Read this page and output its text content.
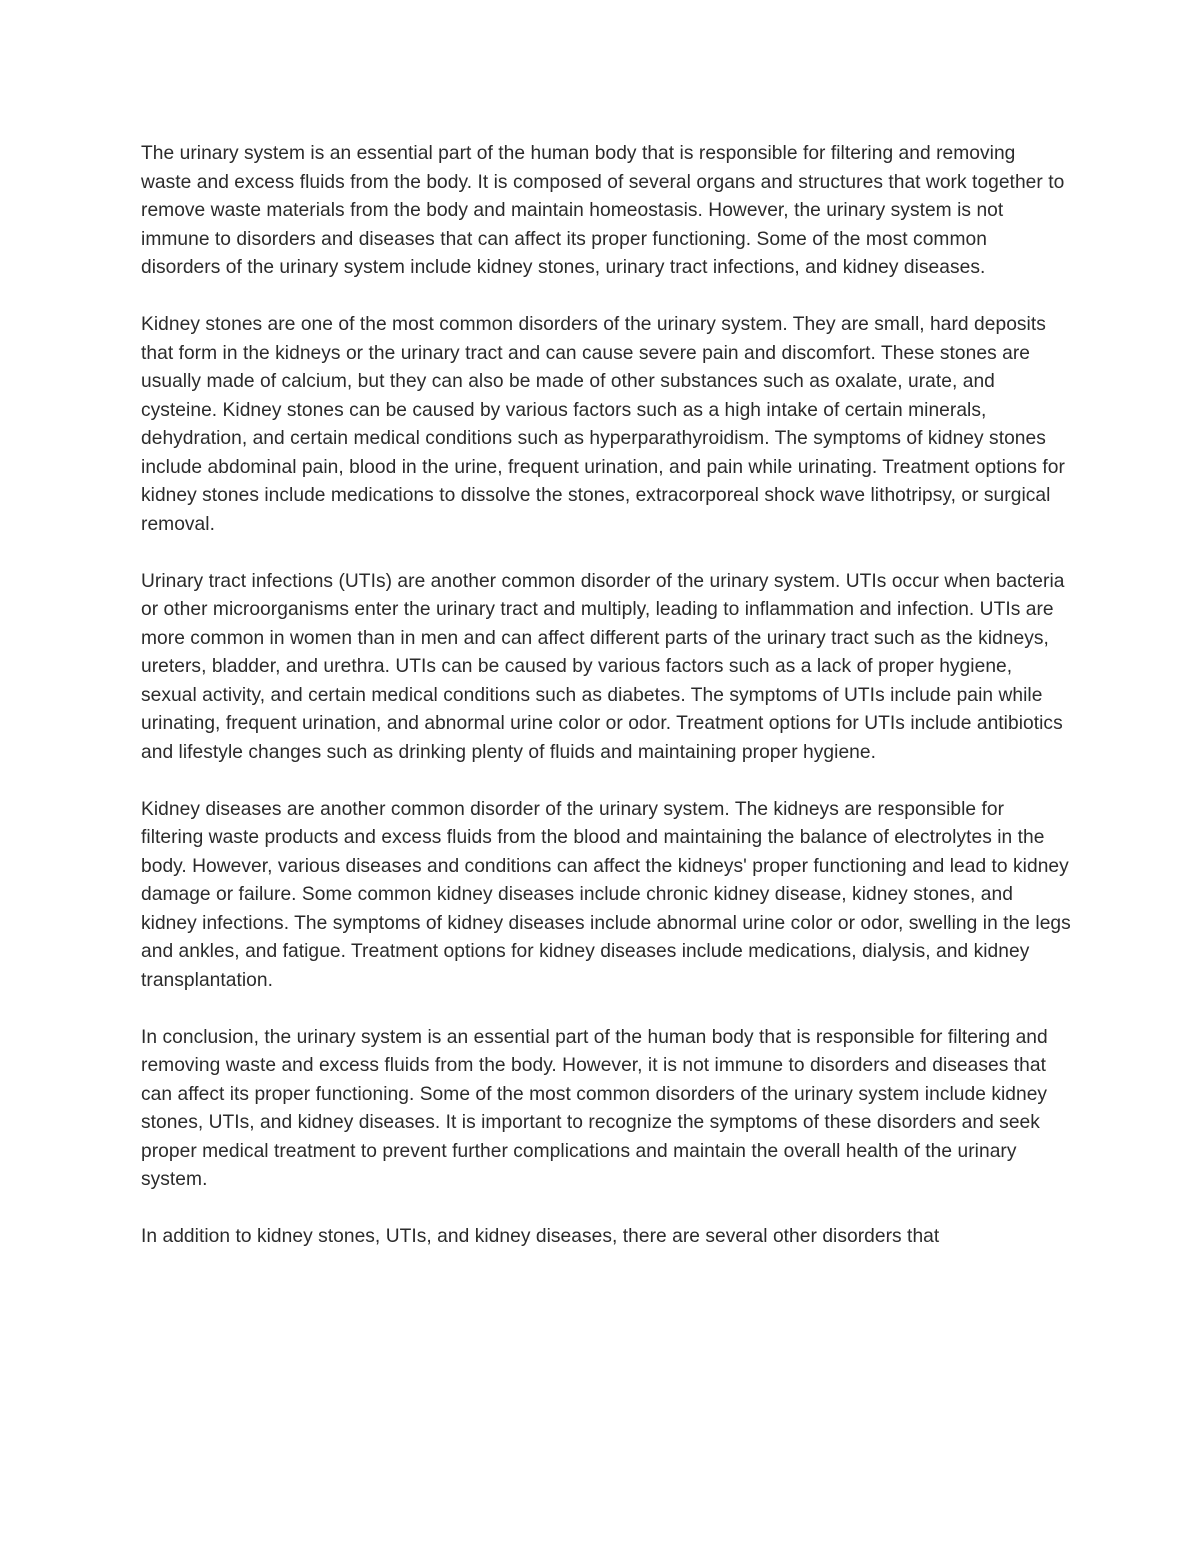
The urinary system is an essential part of the human body that is responsible for filtering and removing waste and excess fluids from the body. It is composed of several organs and structures that work together to remove waste materials from the body and maintain homeostasis. However, the urinary system is not immune to disorders and diseases that can affect its proper functioning. Some of the most common disorders of the urinary system include kidney stones, urinary tract infections, and kidney diseases.

Kidney stones are one of the most common disorders of the urinary system. They are small, hard deposits that form in the kidneys or the urinary tract and can cause severe pain and discomfort. These stones are usually made of calcium, but they can also be made of other substances such as oxalate, urate, and cysteine. Kidney stones can be caused by various factors such as a high intake of certain minerals, dehydration, and certain medical conditions such as hyperparathyroidism. The symptoms of kidney stones include abdominal pain, blood in the urine, frequent urination, and pain while urinating. Treatment options for kidney stones include medications to dissolve the stones, extracorporeal shock wave lithotripsy, or surgical removal.

Urinary tract infections (UTIs) are another common disorder of the urinary system. UTIs occur when bacteria or other microorganisms enter the urinary tract and multiply, leading to inflammation and infection. UTIs are more common in women than in men and can affect different parts of the urinary tract such as the kidneys, ureters, bladder, and urethra. UTIs can be caused by various factors such as a lack of proper hygiene, sexual activity, and certain medical conditions such as diabetes. The symptoms of UTIs include pain while urinating, frequent urination, and abnormal urine color or odor. Treatment options for UTIs include antibiotics and lifestyle changes such as drinking plenty of fluids and maintaining proper hygiene.

Kidney diseases are another common disorder of the urinary system. The kidneys are responsible for filtering waste products and excess fluids from the blood and maintaining the balance of electrolytes in the body. However, various diseases and conditions can affect the kidneys' proper functioning and lead to kidney damage or failure. Some common kidney diseases include chronic kidney disease, kidney stones, and kidney infections. The symptoms of kidney diseases include abnormal urine color or odor, swelling in the legs and ankles, and fatigue. Treatment options for kidney diseases include medications, dialysis, and kidney transplantation.

In conclusion, the urinary system is an essential part of the human body that is responsible for filtering and removing waste and excess fluids from the body. However, it is not immune to disorders and diseases that can affect its proper functioning. Some of the most common disorders of the urinary system include kidney stones, UTIs, and kidney diseases. It is important to recognize the symptoms of these disorders and seek proper medical treatment to prevent further complications and maintain the overall health of the urinary system.

In addition to kidney stones, UTIs, and kidney diseases, there are several other disorders that
